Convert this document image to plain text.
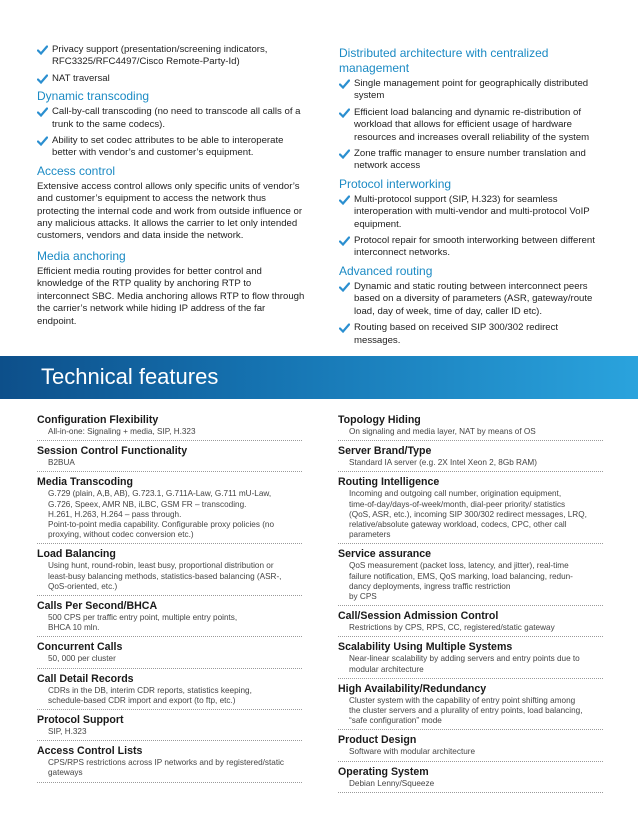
Privacy support (presentation/screening indicators, RFC3325/RFC4497/Cisco Remote-Party-Id)
NAT traversal
Dynamic transcoding
Call-by-call transcoding (no need to transcode all calls of a trunk to the same codecs).
Ability to set codec attributes to be able to interoperate better with vendor’s and customer’s equipment.
Access control
Extensive access control allows only specific units of vendor’s and customer’s equipment to access the network thus protecting the internal code and work from outside influence or any malicious attacks. It allows the carrier to let only intended customers, vendors and data inside the network.
Media anchoring
Efficient media routing provides for better control and knowledge of the RTP quality by anchoring RTP to interconnect SBC. Media anchoring allows RTP to flow through the carrier’s network while hiding IP address of the far endpoint.
Distributed architecture with centralized management
Single management point for geographically distributed system
Efficient load balancing and dynamic re-distribution of workload that allows for efficient usage of hardware resources and increases overall reliability of the system
Zone traffic manager to ensure number translation and network access
Protocol interworking
Multi-protocol support (SIP, H.323) for seamless interoperation with multi-vendor and multi-protocol VoIP equipment.
Protocol repair for smooth interworking between different interconnect networks.
Advanced routing
Dynamic and static routing between interconnect peers based on a diversity of parameters (ASR, gateway/route load, day of week, time of day, caller ID etc).
Routing based on received SIP 300/302 redirect messages.
Technical features
Configuration Flexibility
All-in-one: Signaling + media, SIP, H.323
Session Control Functionality
B2BUA
Media Transcoding
G.729 (plain, A,B, AB), G.723.1, G.711A-Law, G.711 mU-Law,
G.726, Speex, AMR NB, iLBC, GSM FR – transcoding.
H.261, H.263, H.264 – pass through.
Point-to-point media capability. Configurable proxy policies (no
proxying, without codec conversion etc.)
Load Balancing
Using hunt, round-robin, least busy, proportional distribution or
least-busy balancing methods, statistics-based balancing (ASR-,
QoS-oriented, etc.)
Calls Per Second/BHCA
500 CPS per traffic entry point, multiple entry points,
BHCA 10 mln.
Concurrent Calls
50, 000 per cluster
Call Detail Records
CDRs in the DB, interim CDR reports, statistics keeping,
schedule-based CDR import and export (to ftp, etc.)
Protocol Support
SIP, H.323
Access Control Lists
CPS/RPS restrictions across IP networks and by registered/static
gateways
Topology Hiding
On signaling and media layer, NAT by means of OS
Server Brand/Type
Standard IA server (e.g. 2X Intel Xeon 2, 8Gb RAM)
Routing Intelligence
Incoming and outgoing call number, origination equipment,
time-of-day/days-of-week/month, dial-peer priority/ statistics
(QoS, ASR, etc.), incoming SIP 300/302 redirect messages, LRQ,
relative/absolute gateway workload, codecs, CPC, other call
parameters
Service assurance
QoS measurement (packet loss, latency, and jitter), real-time
failure notification, EMS, QoS marking, load balancing, redun-
dancy deployments, ingress traffic restriction
by CPS
Call/Session Admission Control
Restrictions by CPS, RPS, CC, registered/static gateway
Scalability Using Multiple Systems
Near-linear scalability by adding servers and entry points due to
modular architecture
High Availability/Redundancy
Cluster system with the capability of entry point shifting among
the cluster servers and a plurality of entry points, load balancing,
“safe configuration” mode
Product Design
Software with modular architecture
Operating System
Debian Lenny/Squeeze
